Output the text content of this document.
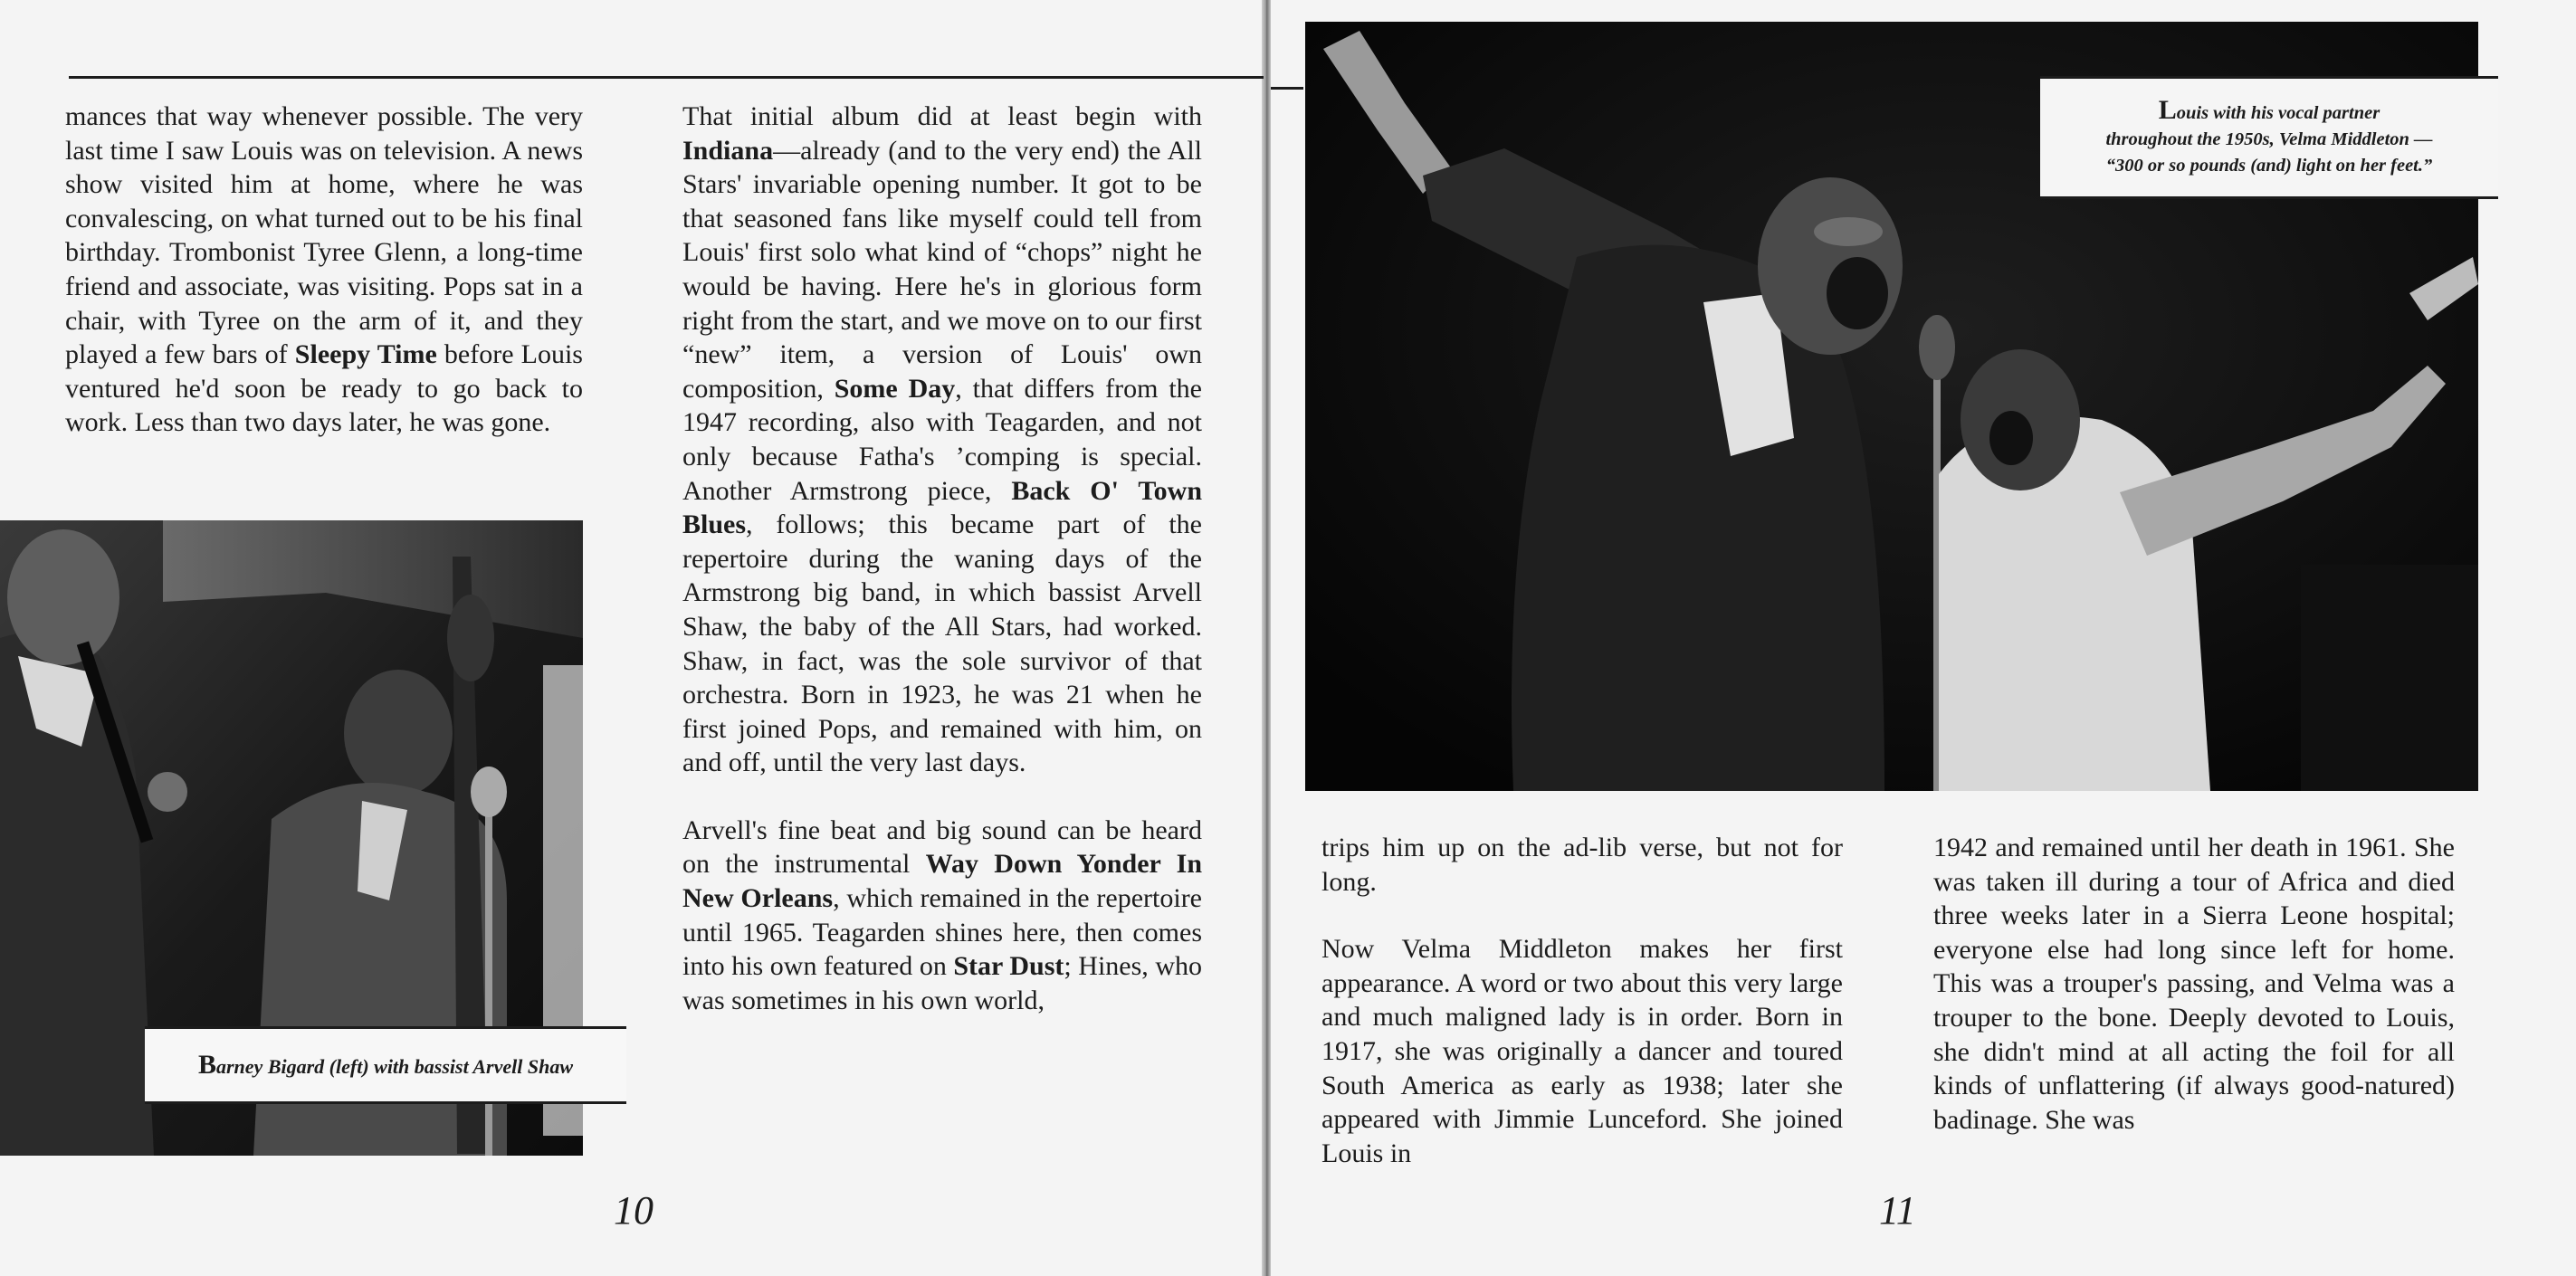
mances that way whenever possible. The very last time I saw Louis was on television. A news show visited him at home, where he was convalescing, on what turned out to be his final birthday. Trombonist Tyree Glenn, a long-time friend and associate, was visiting. Pops sat in a chair, with Tyree on the arm of it, and they played a few bars of Sleepy Time before Louis ventured he'd soon be ready to go back to work. Less than two days later, he was gone.

Barney Bigard (left) with bassist Arvell Shaw

That initial album did at least begin with Indiana—already (and to the very end) the All Stars' invariable opening number. It got to be that seasoned fans like myself could tell from Louis' first solo what kind of “chops” night he would be having. Here he's in glorious form right from the start, and we move on to our first “new” item, a version of Louis' own composition, Some Day, that differs from the 1947 recording, also with Teagarden, and not only because Fatha's ’comping is special. Another Armstrong piece, Back O' Town Blues, follows; this became part of the repertoire during the waning days of the Armstrong big band, in which bassist Arvell Shaw, the baby of the All Stars, had worked. Shaw, in fact, was the sole survivor of that orchestra. Born in 1923, he was 21 when he first joined Pops, and remained with him, on and off, until the very last days.

Arvell's fine beat and big sound can be heard on the instrumental Way Down Yonder In New Orleans, which remained in the repertoire until 1965. Teagarden shines here, then comes into his own featured on Star Dust; Hines, who was sometimes in his own world,

10
Louis with his vocal partner
throughout the 1950s, Velma Middleton —
“300 or so pounds (and) light on her feet.”

trips him up on the ad-lib verse, but not for long.

Now Velma Middleton makes her first appearance. A word or two about this very large and much maligned lady is in order. Born in 1917, she was originally a dancer and toured South America as early as 1938; later she appeared with Jimmie Lunceford. She joined Louis in

1942 and remained until her death in 1961. She was taken ill during a tour of Africa and died three weeks later in a Sierra Leone hospital; everyone else had long since left for home. This was a trouper's passing, and Velma was a trouper to the bone. Deeply devoted to Louis, she didn't mind at all acting the foil for all kinds of unflattering (if always good-natured) badinage. She was

11
